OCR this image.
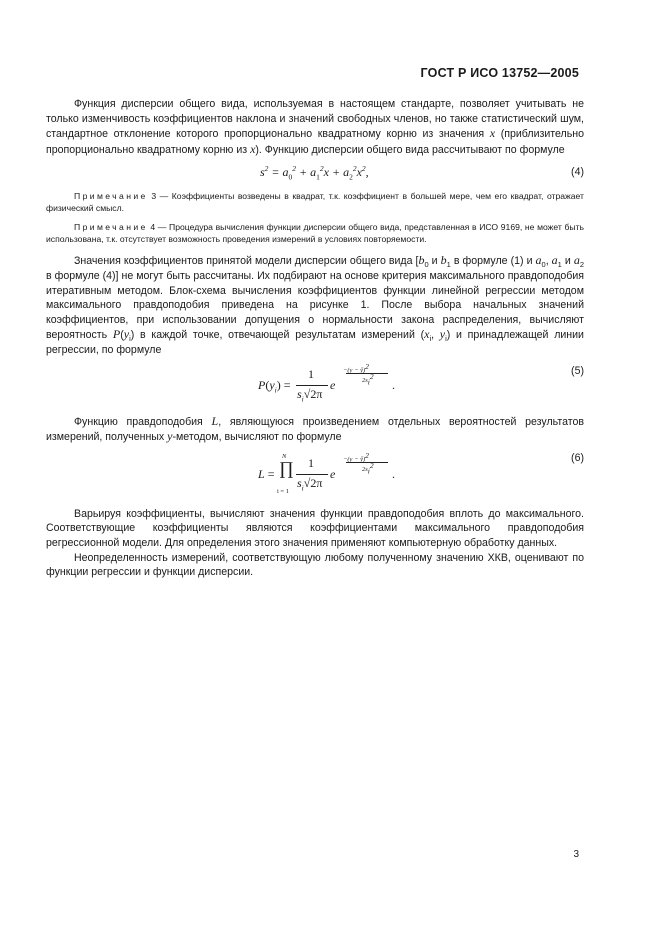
ГОСТ Р ИСО 13752—2005

Функция дисперсии общего вида, используемая в настоящем стандарте, позволяет учитывать не только изменчивость коэффициентов наклона и значений свободных членов, но также статистический шум, стандартное отклонение которого пропорционально квадратному корню из значения x (приблизительно пропорционально квадратному корню из x). Функцию дисперсии общего вида рассчитывают по формуле

$s^2 = a_0^2 + a_1^2x + a_2^2x^2$,	(4)
Примечание 3 — Коэффициенты возведены в квадрат, т.к. коэффициент в большей мере, чем его квадрат, отражает физический смысл.
Примечание 4 — Процедура вычисления функции дисперсии общего вида, представленная в ИСО 9169, не может быть использована, т.к. отсутствует возможность проведения измерений в условиях повторяемости.

Значения коэффициентов принятой модели дисперсии общего вида [$b_0$ и $b_1$ в формуле (1) и $a_0$, $a_1$ и $a_2$ в формуле (4)] не могут быть рассчитаны. Их подбирают на основе критерия максимального правдоподобия итеративным методом. Блок-схема вычисления коэффициентов функции линейной регрессии методом максимального правдоподобия приведена на рисунке 1. После выбора начальных значений коэффициентов, при использовании допущения о нормальности закона распределения, вычисляют вероятность $P(y_i)$ в каждой точке, отвечающей результатам измерений ($x_i$, $y_i$) и принадлежащей линии регрессии, по формуле

$P(y_i)$ =
1
$s_i√2\pi$
e
−(y − ŷ)$^2$
$2s_i^2$
.
(5)

Функцию правдоподобия L, являющуюся произведением отдельных вероятностей результатов измерений, полученных y-методом, вычисляют по формуле

L = ∏
N
i = 1
1
$s_i√2\pi$
e
−(y − ŷ)$^2$
$2s_i^2$
.
(6)

Варьируя коэффициенты, вычисляют значения функции правдоподобия вплоть до максимального. Соответствующие коэффициенты являются коэффициентами максимального правдоподобия регрессионной модели. Для определения этого значения применяют компьютерную обработку данных.

Неопределенность измерений, соответствующую любому полученному значению ХКВ, оценивают по функции регрессии и функции дисперсии.

3
